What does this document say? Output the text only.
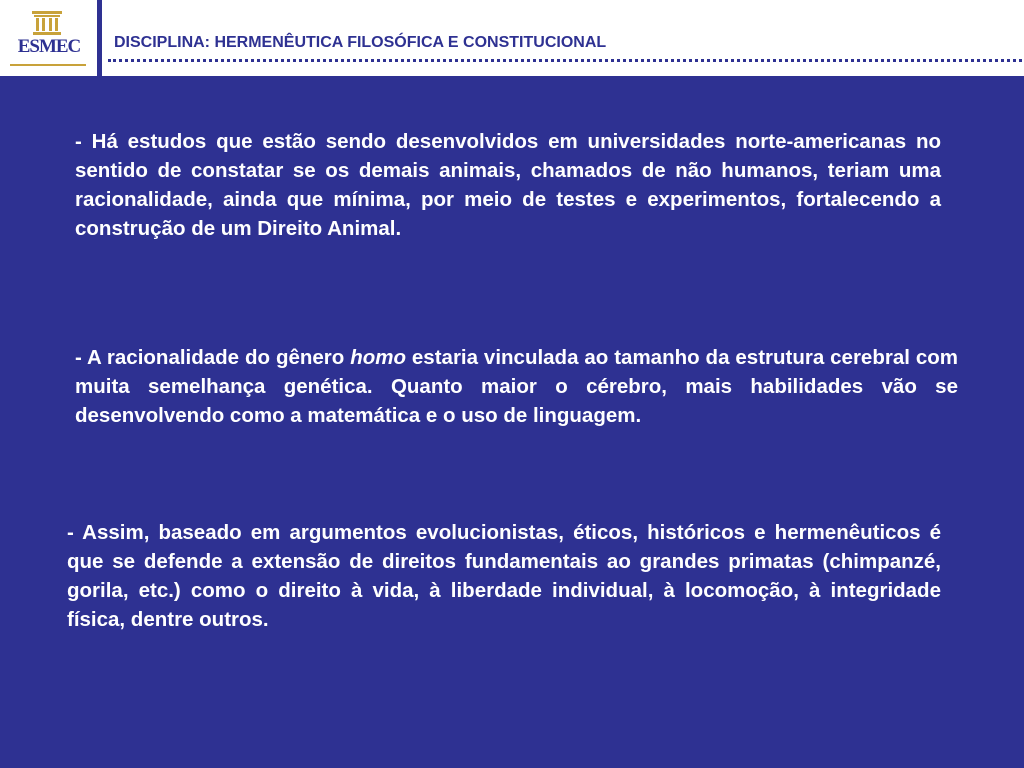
ESMEC	DISCIPLINA: HERMENÊUTICA FILOSÓFICA E CONSTITUCIONAL
- Há estudos que estão sendo desenvolvidos em universidades norte-americanas no sentido de constatar se os demais animais, chamados de não humanos, teriam uma racionalidade, ainda que mínima, por meio de testes e experimentos, fortalecendo a construção de um Direito Animal.
- A racionalidade do gênero homo estaria vinculada ao tamanho da estrutura cerebral com muita semelhança genética. Quanto maior o cérebro, mais habilidades vão se desenvolvendo como a matemática e o uso de linguagem.
- Assim, baseado em argumentos evolucionistas, éticos, históricos e hermenêuticos é que se defende a extensão de direitos fundamentais ao grandes primatas (chimpanzé, gorila, etc.) como o direito à vida, à liberdade individual, à locomoção, à integridade física, dentre outros.
